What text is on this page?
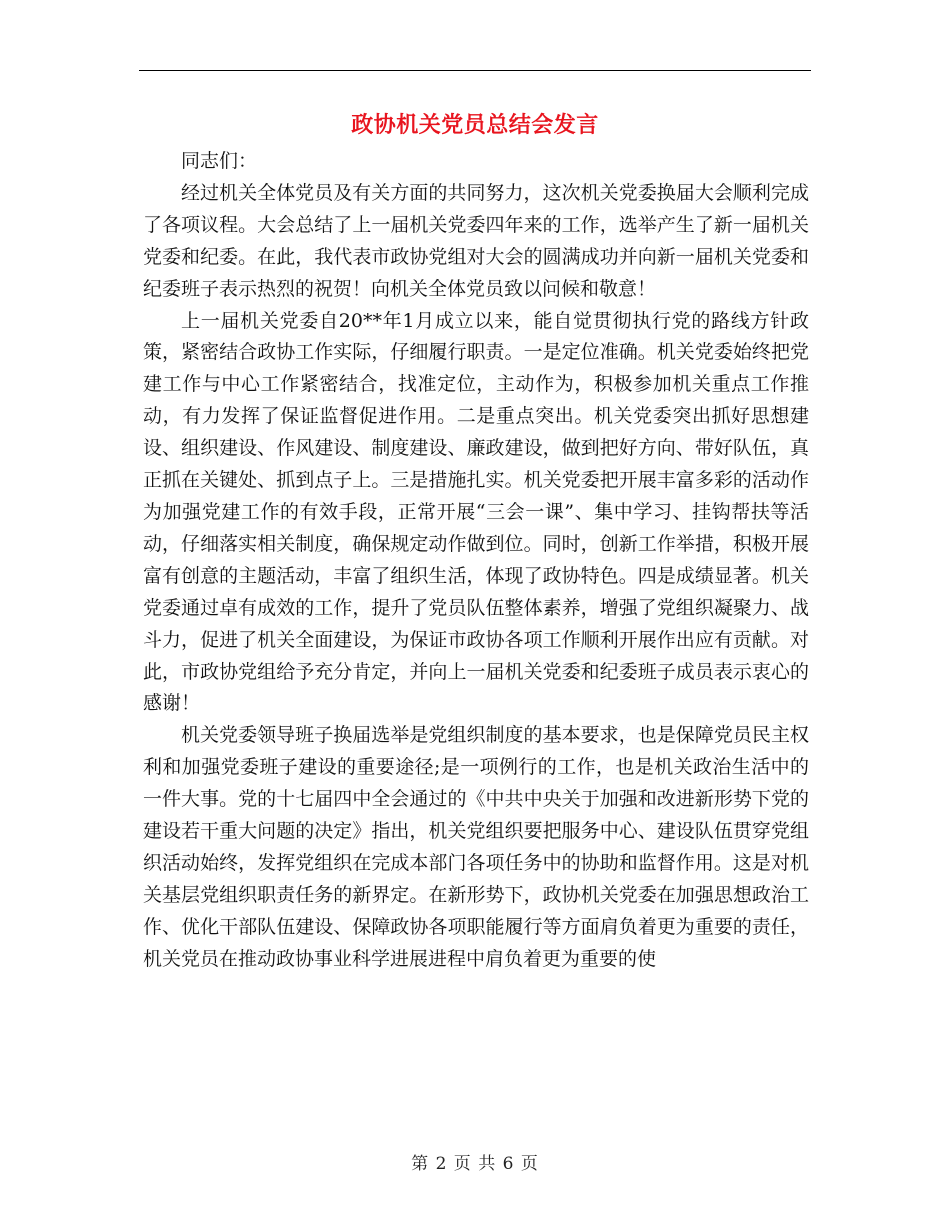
政协机关党员总结会发言

同志们：

经过机关全体党员及有关方面的共同努力，这次机关党委换届大会顺利完成了各项议程。大会总结了上一届机关党委四年来的工作，选举产生了新一届机关党委和纪委。在此，我代表市政协党组对大会的圆满成功并向新一届机关党委和纪委班子表示热烈的祝贺！向机关全体党员致以问候和敬意！

上一届机关党委自20**年1月成立以来，能自觉贯彻执行党的路线方针政策，紧密结合政协工作实际，仔细履行职责。一是定位准确。机关党委始终把党建工作与中心工作紧密结合，找准定位，主动作为，积极参加机关重点工作推动，有力发挥了保证监督促进作用。二是重点突出。机关党委突出抓好思想建设、组织建设、作风建设、制度建设、廉政建设，做到把好方向、带好队伍，真正抓在关键处、抓到点子上。三是措施扎实。机关党委把开展丰富多彩的活动作为加强党建工作的有效手段，正常开展“三会一课”、集中学习、挂钩帮扶等活动，仔细落实相关制度，确保规定动作做到位。同时，创新工作举措，积极开展富有创意的主题活动，丰富了组织生活，体现了政协特色。四是成绩显著。机关党委通过卓有成效的工作，提升了党员队伍整体素养，增强了党组织凝聚力、战斗力，促进了机关全面建设，为保证市政协各项工作顺利开展作出应有贡献。对此，市政协党组给予充分肯定，并向上一届机关党委和纪委班子成员表示衷心的感谢！

机关党委领导班子换届选举是党组织制度的基本要求，也是保障党员民主权利和加强党委班子建设的重要途径;是一项例行的工作，也是机关政治生活中的一件大事。党的十七届四中全会通过的《中共中央关于加强和改进新形势下党的建设若干重大问题的决定》指出，机关党组织要把服务中心、建设队伍贯穿党组织活动始终，发挥党组织在完成本部门各项任务中的协助和监督作用。这是对机关基层党组织职责任务的新界定。在新形势下，政协机关党委在加强思想政治工作、优化干部队伍建设、保障政协各项职能履行等方面肩负着更为重要的责任，机关党员在推动政协事业科学进展进程中肩负着更为重要的使

第 2 页 共 6 页
